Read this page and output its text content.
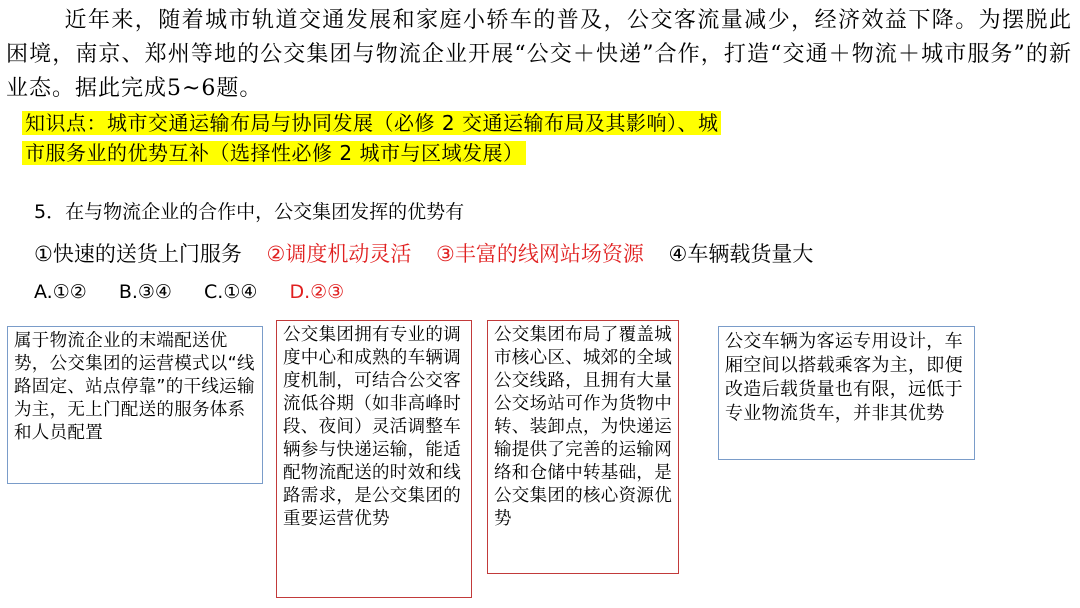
近年来，随着城市轨道交通发展和家庭小轿车的普及，公交客流量减少，经济效益下降。为摆脱此困境，南京、郑州等地的公交集团与物流企业开展“公交＋快递”合作，打造“交通＋物流＋城市服务”的新业态。据此完成5~6题。

知识点：城市交通运输布局与协同发展（必修 2 交通运输布局及其影响）、城
市服务业的优势互补（选择性必修 2 城市与区域发展）
5．在与物流企业的合作中，公交集团发挥的优势有
①快速的送货上门服务 ②调度机动灵活 ③丰富的线网站场资源 ④车辆载货量大
A.①② B.③④ C.①④ D.②③
属于物流企业的末端配送优势，公交集团的运营模式以“线路固定、站点停靠”的干线运输为主，无上门配送的服务体系和人员配置
公交集团拥有专业的调度中心和成熟的车辆调度机制，可结合公交客流低谷期（如非高峰时段、夜间）灵活调整车辆参与快递运输，能适配物流配送的时效和线路需求，是公交集团的重要运营优势
公交集团布局了覆盖城市核心区、城郊的全域公交线路，且拥有大量公交场站可作为货物中转、装卸点，为快递运输提供了完善的运输网络和仓储中转基础，是公交集团的核心资源优势
公交车辆为客运专用设计，车厢空间以搭载乘客为主，即便改造后载货量也有限，远低于专业物流货车，并非其优势
